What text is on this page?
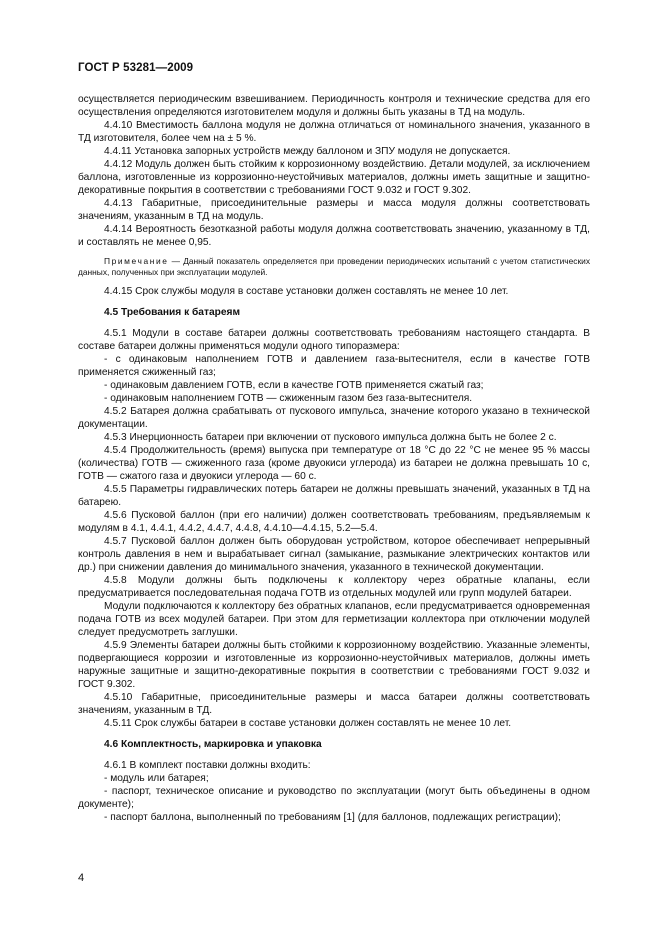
ГОСТ Р 53281—2009

осуществляется периодическим взвешиванием. Периодичность контроля и технические средства для его осуществления определяются изготовителем модуля и должны быть указаны в ТД на модуль.

4.4.10 Вместимость баллона модуля не должна отличаться от номинального значения, указанного в ТД изготовителя, более чем на ± 5 %.

4.4.11 Установка запорных устройств между баллоном и ЗПУ модуля не допускается.

4.4.12 Модуль должен быть стойким к коррозионному воздействию. Детали модулей, за исключением баллона, изготовленные из коррозионно-неустойчивых материалов, должны иметь защитные и защитно-декоративные покрытия в соответствии с требованиями ГОСТ 9.032 и ГОСТ 9.302.

4.4.13 Габаритные, присоединительные размеры и масса модуля должны соответствовать значениям, указанным в ТД на модуль.

4.4.14 Вероятность безотказной работы модуля должна соответствовать значению, указанному в ТД, и составлять не менее 0,95.

Примечание — Данный показатель определяется при проведении периодических испытаний с учетом статистических данных, полученных при эксплуатации модулей.

4.4.15 Срок службы модуля в составе установки должен составлять не менее 10 лет.

4.5 Требования к батареям

4.5.1 Модули в составе батареи должны соответствовать требованиям настоящего стандарта. В составе батареи должны применяться модули одного типоразмера:

- с одинаковым наполнением ГОТВ и давлением газа-вытеснителя, если в качестве ГОТВ применяется сжиженный газ;

- одинаковым давлением ГОТВ, если в качестве ГОТВ применяется сжатый газ;

- одинаковым наполнением ГОТВ — сжиженным газом без газа-вытеснителя.

4.5.2 Батарея должна срабатывать от пускового импульса, значение которого указано в технической документации.

4.5.3 Инерционность батареи при включении от пускового импульса должна быть не более 2 с.

4.5.4 Продолжительность (время) выпуска при температуре от 18 °С до 22 °С не менее 95 % массы (количества) ГОТВ — сжиженного газа (кроме двуокиси углерода) из батареи не должна превышать 10 с, ГОТВ — сжатого газа и двуокиси углерода — 60 с.

4.5.5 Параметры гидравлических потерь батареи не должны превышать значений, указанных в ТД на батарею.

4.5.6 Пусковой баллон (при его наличии) должен соответствовать требованиям, предъявляемым к модулям в 4.1, 4.4.1, 4.4.2, 4.4.7, 4.4.8, 4.4.10—4.4.15, 5.2—5.4.

4.5.7 Пусковой баллон должен быть оборудован устройством, которое обеспечивает непрерывный контроль давления в нем и вырабатывает сигнал (замыкание, размыкание электрических контактов или др.) при снижении давления до минимального значения, указанного в технической документации.

4.5.8 Модули должны быть подключены к коллектору через обратные клапаны, если предусматривается последовательная подача ГОТВ из отдельных модулей или групп модулей батареи.

Модули подключаются к коллектору без обратных клапанов, если предусматривается одновременная подача ГОТВ из всех модулей батареи. При этом для герметизации коллектора при отключении модулей следует предусмотреть заглушки.

4.5.9 Элементы батареи должны быть стойкими к коррозионному воздействию. Указанные элементы, подвергающиеся коррозии и изготовленные из коррозионно-неустойчивых материалов, должны иметь наружные защитные и защитно-декоративные покрытия в соответствии с требованиями ГОСТ 9.032 и ГОСТ 9.302.

4.5.10 Габаритные, присоединительные размеры и масса батареи должны соответствовать значениям, указанным в ТД.

4.5.11 Срок службы батареи в составе установки должен составлять не менее 10 лет.

4.6 Комплектность, маркировка и упаковка

4.6.1 В комплект поставки должны входить:

- модуль или батарея;

- паспорт, техническое описание и руководство по эксплуатации (могут быть объединены в одном документе);

- паспорт баллона, выполненный по требованиям [1] (для баллонов, подлежащих регистрации);

4
